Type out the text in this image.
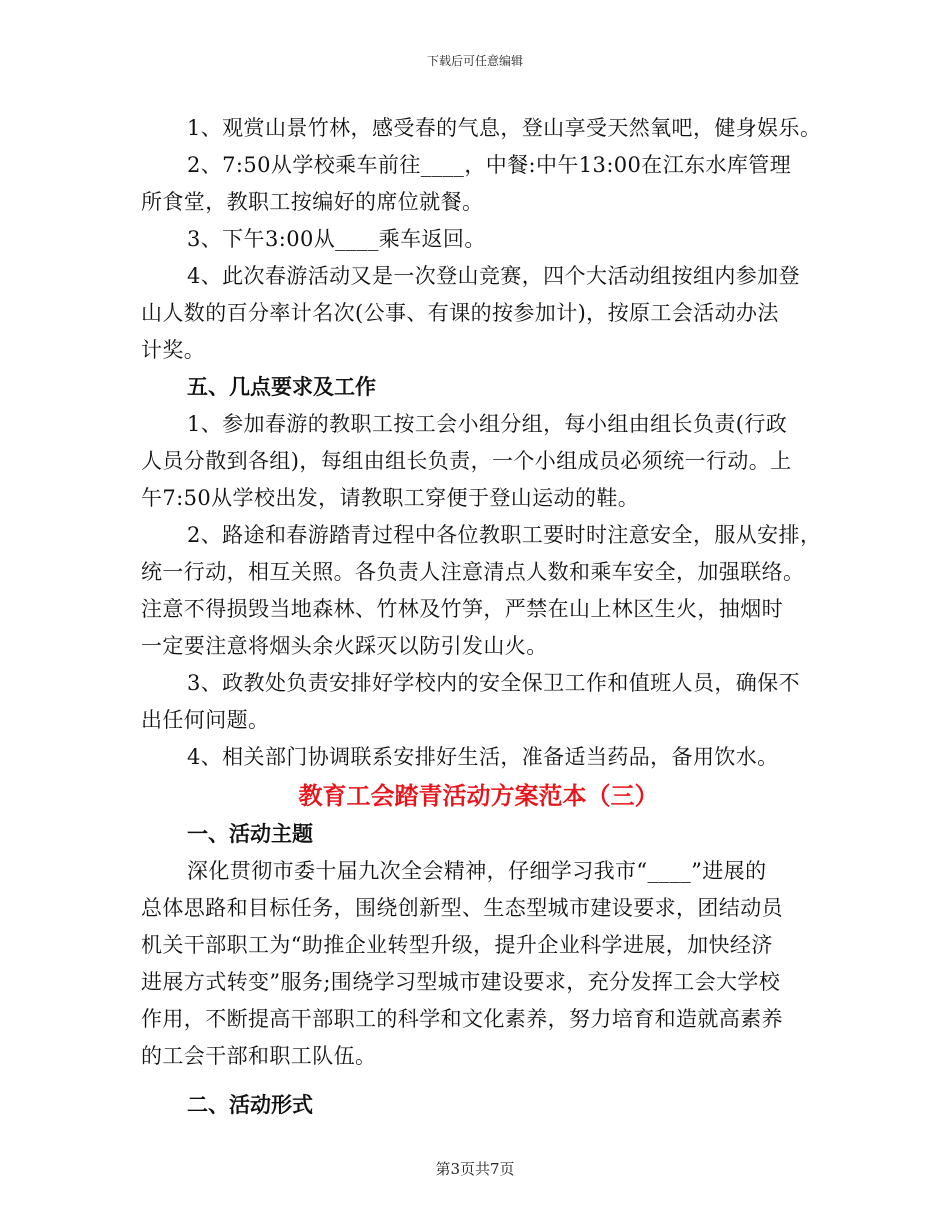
下载后可任意编辑
1、观赏山景竹林，感受春的气息，登山享受天然氧吧，健身娱乐。
2、7:50从学校乘车前往____，中餐:中午13:00在江东水库管理
所食堂，教职工按编好的席位就餐。
3、下午3:00从____乘车返回。
4、此次春游活动又是一次登山竞赛，四个大活动组按组内参加登
山人数的百分率计名次(公事、有课的按参加计)，按原工会活动办法
计奖。
五、几点要求及工作
1、参加春游的教职工按工会小组分组，每小组由组长负责(行政
人员分散到各组)，每组由组长负责，一个小组成员必须统一行动。上
午7:50从学校出发，请教职工穿便于登山运动的鞋。
2、路途和春游踏青过程中各位教职工要时时注意安全，服从安排，
统一行动，相互关照。各负责人注意清点人数和乘车安全，加强联络。
注意不得损毁当地森林、竹林及竹笋，严禁在山上林区生火，抽烟时
一定要注意将烟头余火踩灭以防引发山火。
3、政教处负责安排好学校内的安全保卫工作和值班人员，确保不
出任何问题。
4、相关部门协调联系安排好生活，准备适当药品，备用饮水。
教育工会踏青活动方案范本（三）
一、活动主题
深化贯彻市委十届九次全会精神，仔细学习我市“____”进展的
总体思路和目标任务，围绕创新型、生态型城市建设要求，团结动员
机关干部职工为“助推企业转型升级，提升企业科学进展，加快经济
进展方式转变”服务;围绕学习型城市建设要求，充分发挥工会大学校
作用，不断提高干部职工的科学和文化素养，努力培育和造就高素养
的工会干部和职工队伍。
二、活动形式
第3页共7页
